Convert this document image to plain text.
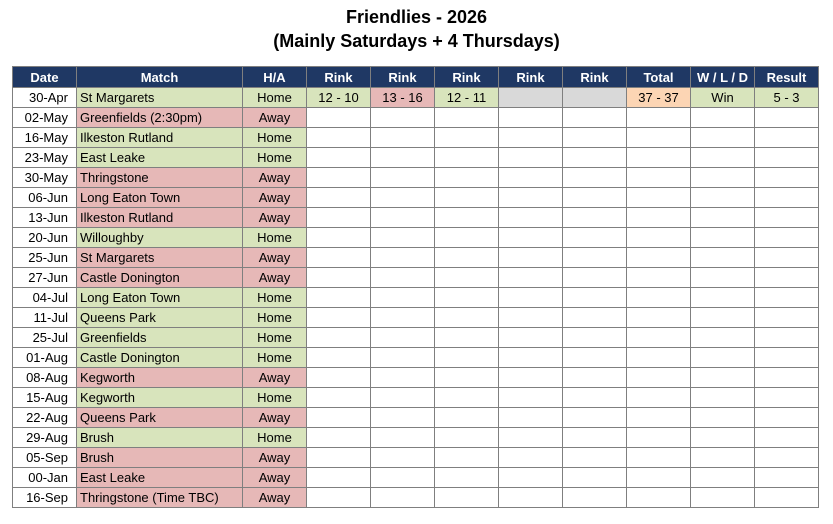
Friendlies - 2026
(Mainly Saturdays + 4 Thursdays)
Date	Match	H/A	Rink	Rink	Rink	Rink	Rink	Total	W / L / D	Result
30-Apr	St Margarets	Home	12 - 10	13 - 16	12 - 11			37 - 37	Win	5 - 3
02-May	Greenfields (2:30pm)	Away								
16-May	Ilkeston Rutland	Home								
23-May	East Leake	Home								
30-May	Thringstone	Away								
06-Jun	Long Eaton Town	Away								
13-Jun	Ilkeston Rutland	Away								
20-Jun	Willoughby	Home								
25-Jun	St Margarets	Away								
27-Jun	Castle Donington	Away								
04-Jul	Long Eaton Town	Home								
11-Jul	Queens Park	Home								
25-Jul	Greenfields	Home								
01-Aug	Castle Donington	Home								
08-Aug	Kegworth	Away								
15-Aug	Kegworth	Home								
22-Aug	Queens Park	Away								
29-Aug	Brush	Home								
05-Sep	Brush	Away								
00-Jan	East Leake	Away								
16-Sep	Thringstone (Time TBC)	Away								
